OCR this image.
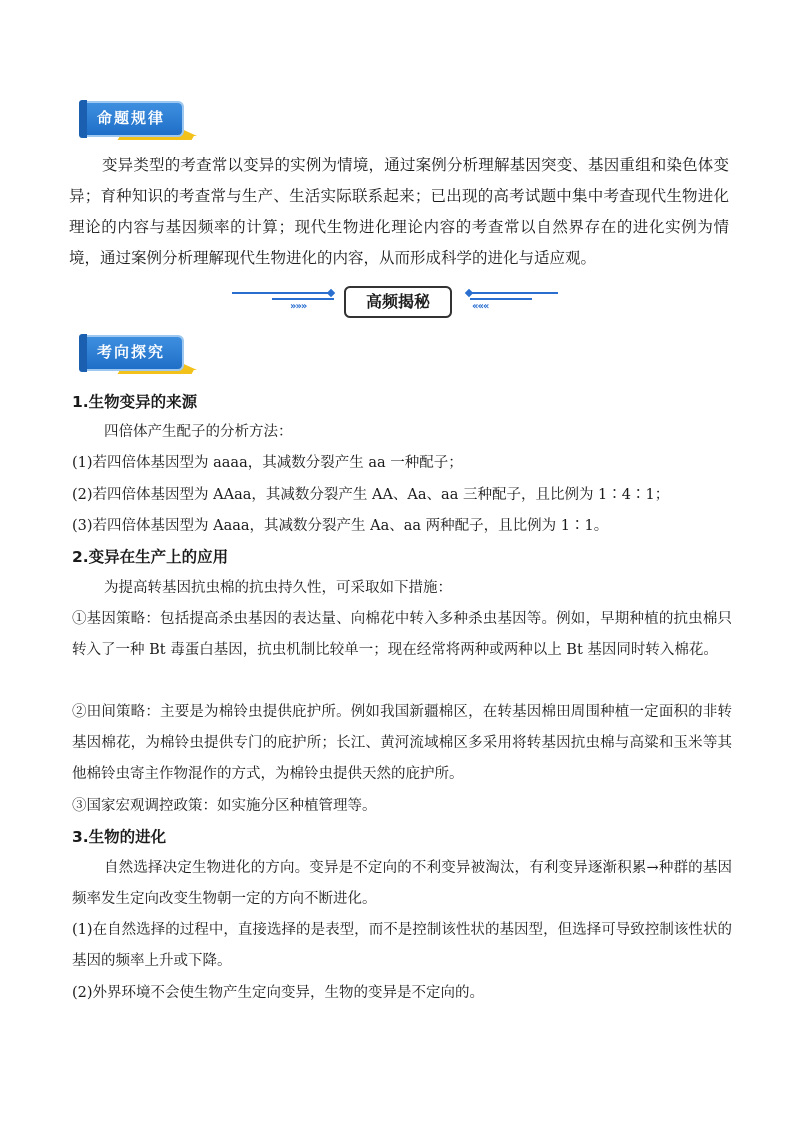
命题规律

变异类型的考查常以变异的实例为情境，通过案例分析理解基因突变、基因重组和染色体变异；育种知识的考查常与生产、生活实际联系起来；已出现的高考试题中集中考查现代生物进化理论的内容与基因频率的计算；现代生物进化理论内容的考查常以自然界存在的进化实例为情境，通过案例分析理解现代生物进化的内容，从而形成科学的进化与适应观。

»»»	高频揭秘	«««
考向探究
1.生物变异的来源

四倍体产生配子的分析方法：

(1)若四倍体基因型为 aaaa，其减数分裂产生 aa 一种配子；

(2)若四倍体基因型为 AAaa，其减数分裂产生 AA、Aa、aa 三种配子，且比例为 1∶4∶1；

(3)若四倍体基因型为 Aaaa，其减数分裂产生 Aa、aa 两种配子，且比例为 1∶1。

2.变异在生产上的应用

为提高转基因抗虫棉的抗虫持久性，可采取如下措施：

①基因策略：包括提高杀虫基因的表达量、向棉花中转入多种杀虫基因等。例如，早期种植的抗虫棉只转入了一种 Bt 毒蛋白基因，抗虫机制比较单一；现在经常将两种或两种以上 Bt 基因同时转入棉花。

②田间策略：主要是为棉铃虫提供庇护所。例如我国新疆棉区，在转基因棉田周围种植一定面积的非转基因棉花，为棉铃虫提供专门的庇护所；长江、黄河流域棉区多采用将转基因抗虫棉与高粱和玉米等其他棉铃虫寄主作物混作的方式，为棉铃虫提供天然的庇护所。

③国家宏观调控政策：如实施分区种植管理等。

3.生物的进化

自然选择决定生物进化的方向。变异是不定向的不利变异被淘汰，有利变异逐渐积累→种群的基因频率发生定向改变生物朝一定的方向不断进化。

(1)在自然选择的过程中，直接选择的是表型，而不是控制该性状的基因型，但选择可导致控制该性状的基因的频率上升或下降。

(2)外界环境不会使生物产生定向变异，生物的变异是不定向的。
